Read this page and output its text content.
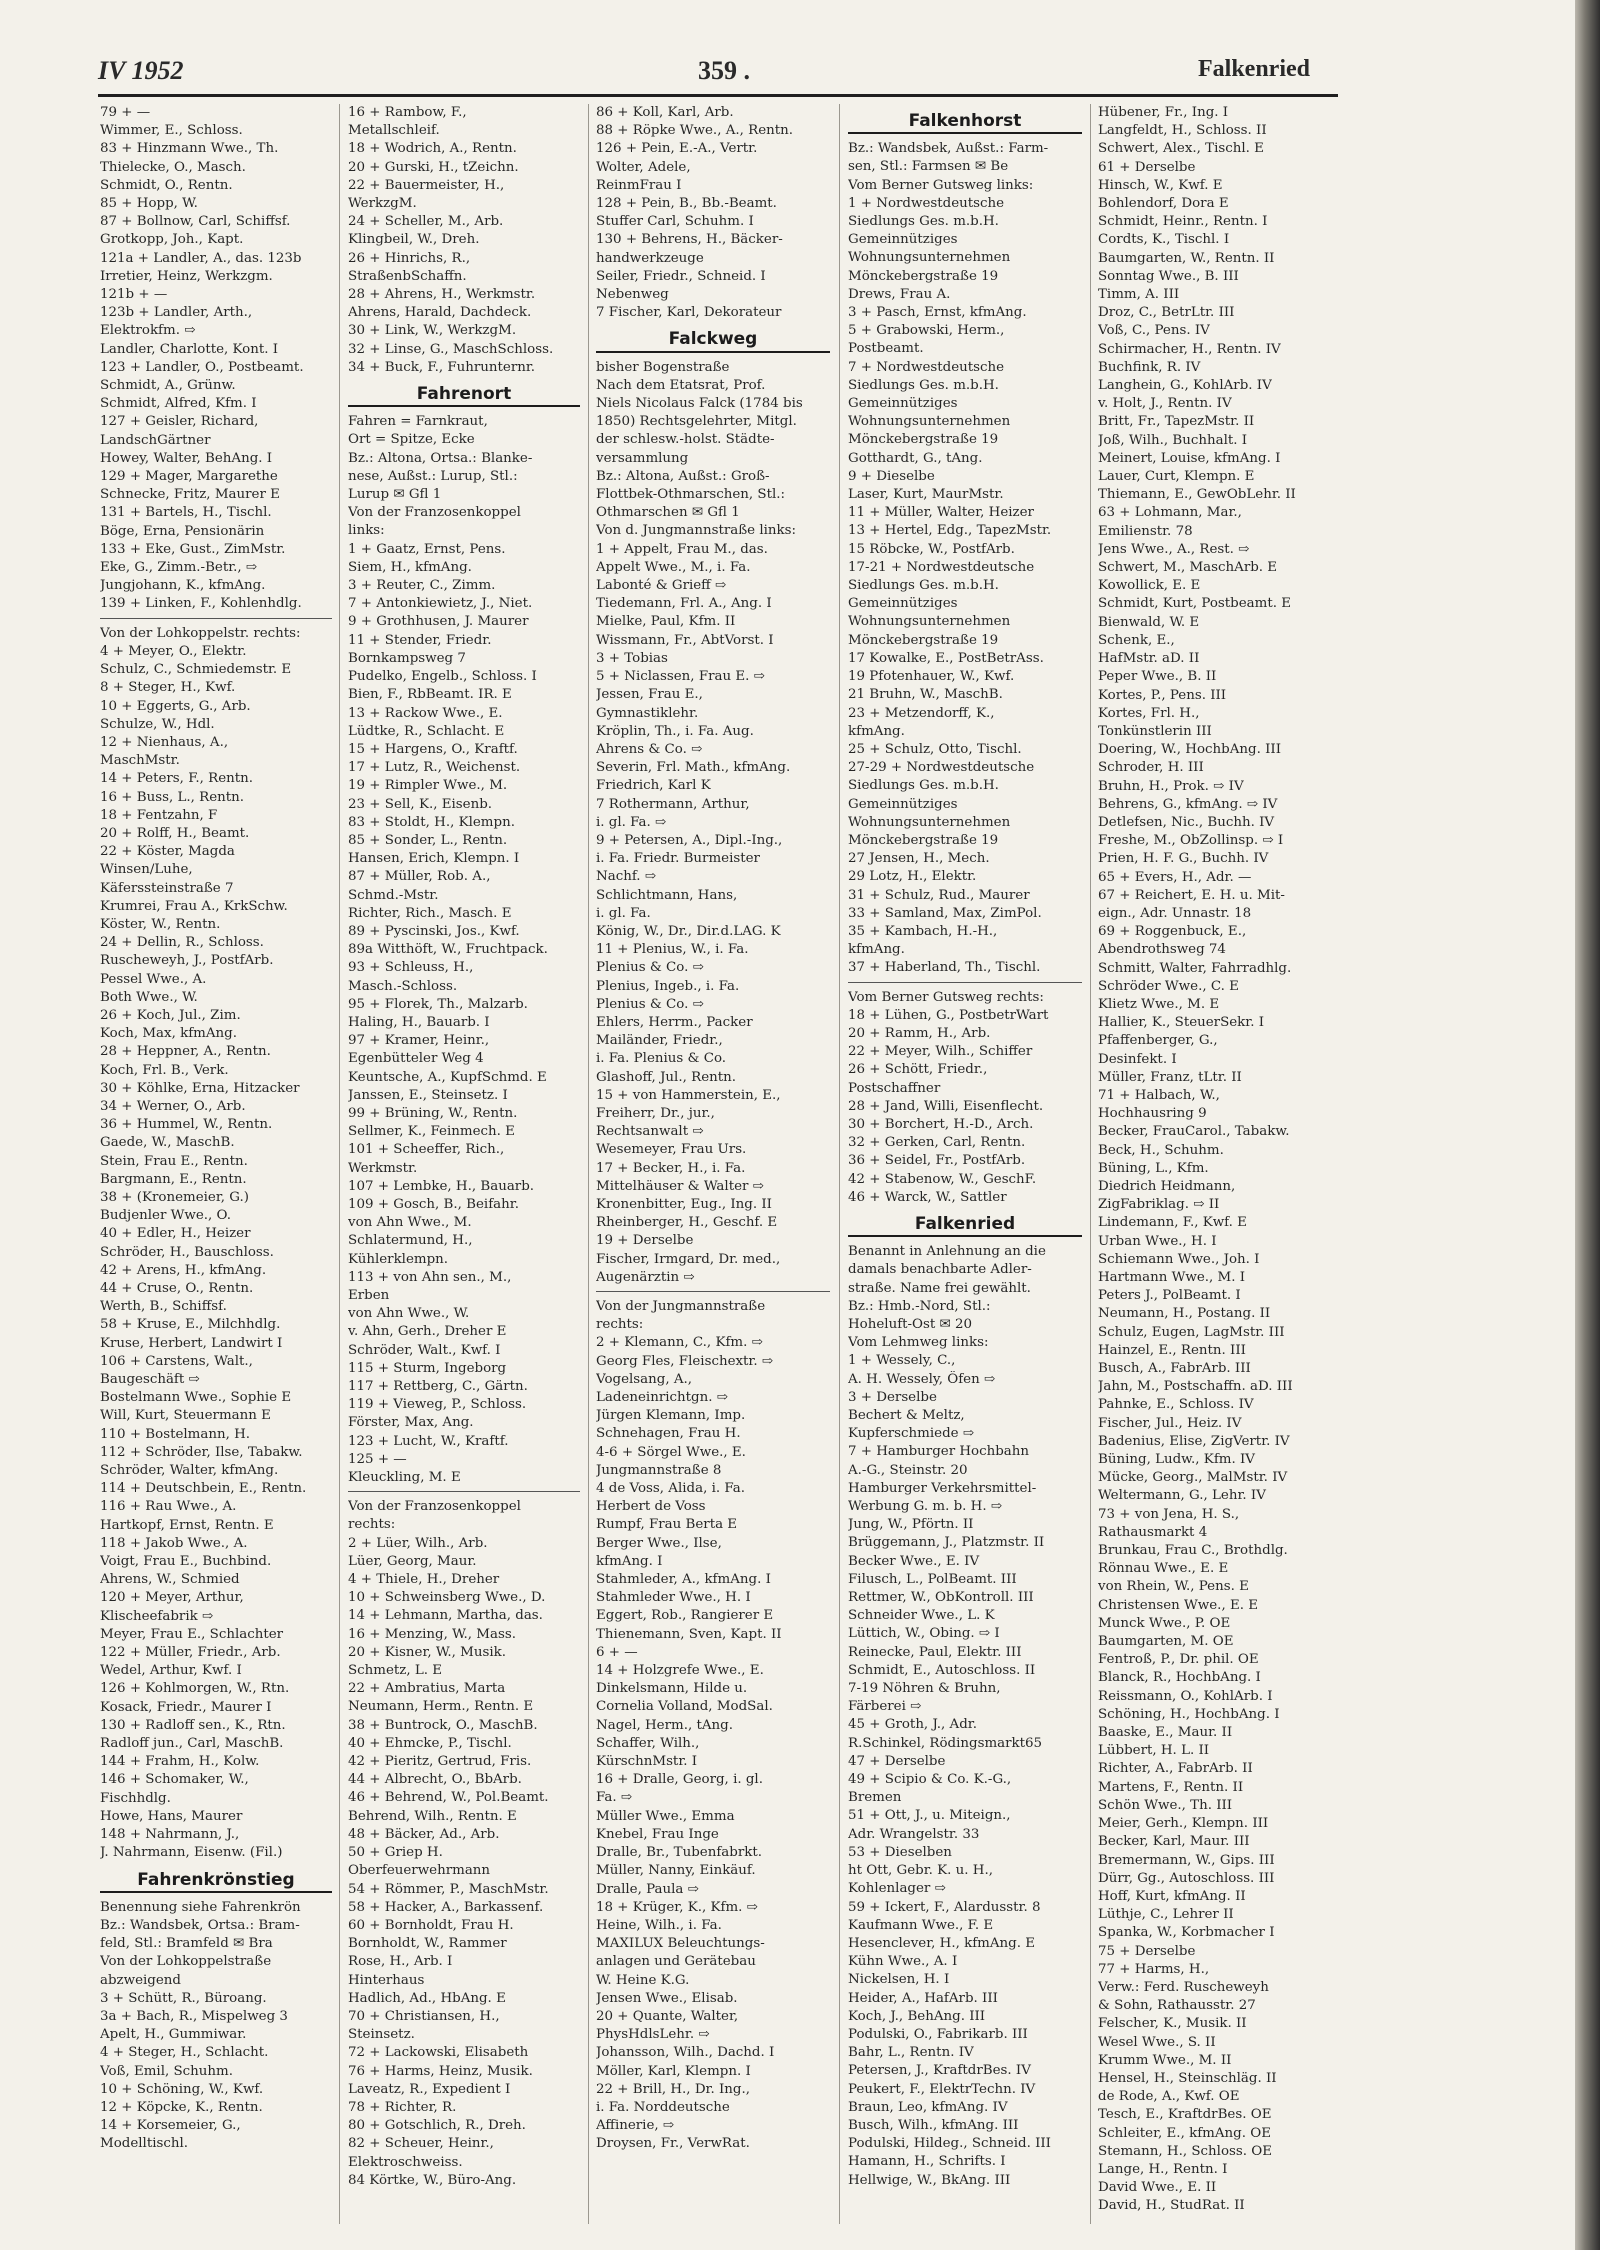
IV 1952	359 .	Falkenried
79 + —
Wimmer, E., Schloss.
83 + Hinzmann Wwe., Th.
Thielecke, O., Masch.
Schmidt, O., Rentn.
85 + Hopp, W.
87 + Bollnow, Carl, Schiffsf.
Grotkopp, Joh., Kapt.
121a + Landler, A., das. 123b
Irretier, Heinz, Werkzgm.
121b + —
123b + Landler, Arth.,
Elektrokfm. ⇨
Landler, Charlotte, Kont. I
123 + Landler, O., Postbeamt.
Schmidt, A., Grünw.
Schmidt, Alfred, Kfm. I
127 + Geisler, Richard,
LandschGärtner
Howey, Walter, BehAng. I
129 + Mager, Margarethe
Schnecke, Fritz, Maurer E
131 + Bartels, H., Tischl.
Böge, Erna, Pensionärin
133 + Eke, Gust., ZimMstr.
Eke, G., Zimm.-Betr., ⇨
Jungjohann, K., kfmAng.
139 + Linken, F., Kohlenhdlg.
Von der Lohkoppelstr. rechts:
4 + Meyer, O., Elektr.
Schulz, C., Schmiedemstr. E
8 + Steger, H., Kwf.
10 + Eggerts, G., Arb.
Schulze, W., Hdl.
12 + Nienhaus, A.,
MaschMstr.
14 + Peters, F., Rentn.
16 + Buss, L., Rentn.
18 + Fentzahn, F
20 + Rolff, H., Beamt.
22 + Köster, Magda
Winsen/Luhe,
Käferssteinstraße 7
Krumrei, Frau A., KrkSchw.
Köster, W., Rentn.
24 + Dellin, R., Schloss.
Ruscheweyh, J., PostfArb.
Pessel Wwe., A.
Both Wwe., W.
26 + Koch, Jul., Zim.
Koch, Max, kfmAng.
28 + Heppner, A., Rentn.
Koch, Frl. B., Verk.
30 + Köhlke, Erna, Hitzacker
34 + Werner, O., Arb.
36 + Hummel, W., Rentn.
Gaede, W., MaschB.
Stein, Frau E., Rentn.
Bargmann, E., Rentn.
38 + (Kronemeier, G.)
Budjenler Wwe., O.
40 + Edler, H., Heizer
Schröder, H., Bauschloss.
42 + Arens, H., kfmAng.
44 + Cruse, O., Rentn.
Werth, B., Schiffsf.
58 + Kruse, E., Milchhdlg.
Kruse, Herbert, Landwirt I
106 + Carstens, Walt.,
Baugeschäft ⇨
Bostelmann Wwe., Sophie E
Will, Kurt, Steuermann E
110 + Bostelmann, H.
112 + Schröder, Ilse, Tabakw.
Schröder, Walter, kfmAng.
114 + Deutschbein, E., Rentn.
116 + Rau Wwe., A.
Hartkopf, Ernst, Rentn. E
118 + Jakob Wwe., A.
Voigt, Frau E., Buchbind.
Ahrens, W., Schmied
120 + Meyer, Arthur,
Klischeefabrik ⇨
Meyer, Frau E., Schlachter
122 + Müller, Friedr., Arb.
Wedel, Arthur, Kwf. I
126 + Kohlmorgen, W., Rtn.
Kosack, Friedr., Maurer I
130 + Radloff sen., K., Rtn.
Radloff jun., Carl, MaschB.
144 + Frahm, H., Kolw.
146 + Schomaker, W.,
Fischhdlg.
Howe, Hans, Maurer
148 + Nahrmann, J.,
J. Nahrmann, Eisenw. (Fil.)
Fahrenkrönstieg
Benennung siehe Fahrenkrön
Bz.: Wandsbek, Ortsa.: Bram-
feld, Stl.: Bramfeld ✉ Bra
Von der Lohkoppelstraße
abzweigend
3 + Schütt, R., Büroang.
3a + Bach, R., Mispelweg 3
Apelt, H., Gummiwar.
4 + Steger, H., Schlacht.
Voß, Emil, Schuhm.
10 + Schöning, W., Kwf.
12 + Köpcke, K., Rentn.
14 + Korsemeier, G.,
Modelltischl.
16 + Rambow, F.,
Metallschleif.
18 + Wodrich, A., Rentn.
20 + Gurski, H., tZeichn.
22 + Bauermeister, H.,
WerkzgM.
24 + Scheller, M., Arb.
Klingbeil, W., Dreh.
26 + Hinrichs, R.,
StraßenbSchaffn.
28 + Ahrens, H., Werkmstr.
Ahrens, Harald, Dachdeck.
30 + Link, W., WerkzgM.
32 + Linse, G., MaschSchloss.
34 + Buck, F., Fuhrunternr.
Fahrenort
Fahren = Farnkraut,
Ort = Spitze, Ecke
Bz.: Altona, Ortsa.: Blanke-
nese, Außst.: Lurup, Stl.:
Lurup ✉ Gfl 1
Von der Franzosenkoppel
links:
1 + Gaatz, Ernst, Pens.
Siem, H., kfmAng.
3 + Reuter, C., Zimm.
7 + Antonkiewietz, J., Niet.
9 + Grothhusen, J. Maurer
11 + Stender, Friedr.
Bornkampsweg 7
Pudelko, Engelb., Schloss. I
Bien, F., RbBeamt. IR. E
13 + Rackow Wwe., E.
Lüdtke, R., Schlacht. E
15 + Hargens, O., Kraftf.
17 + Lutz, R., Weichenst.
19 + Rimpler Wwe., M.
23 + Sell, K., Eisenb.
83 + Stoldt, H., Klempn.
85 + Sonder, L., Rentn.
Hansen, Erich, Klempn. I
87 + Müller, Rob. A.,
Schmd.-Mstr.
Richter, Rich., Masch. E
89 + Pyscinski, Jos., Kwf.
89a Witthöft, W., Fruchtpack.
93 + Schleuss, H.,
Masch.-Schloss.
95 + Florek, Th., Malzarb.
Haling, H., Bauarb. I
97 + Kramer, Heinr.,
Egenbütteler Weg 4
Keuntsche, A., KupfSchmd. E
Janssen, E., Steinsetz. I
99 + Brüning, W., Rentn.
Sellmer, K., Feinmech. E
101 + Scheeffer, Rich.,
Werkmstr.
107 + Lembke, H., Bauarb.
109 + Gosch, B., Beifahr.
von Ahn Wwe., M.
Schlatermund, H.,
Kühlerklempn.
113 + von Ahn sen., M.,
Erben
von Ahn Wwe., W.
v. Ahn, Gerh., Dreher E
Schröder, Walt., Kwf. I
115 + Sturm, Ingeborg
117 + Rettberg, C., Gärtn.
119 + Vieweg, P., Schloss.
Förster, Max, Ang.
123 + Lucht, W., Kraftf.
125 + —
Kleuckling, M. E
Von der Franzosenkoppel
rechts:
2 + Lüer, Wilh., Arb.
Lüer, Georg, Maur.
4 + Thiele, H., Dreher
10 + Schweinsberg Wwe., D.
14 + Lehmann, Martha, das.
16 + Menzing, W., Mass.
20 + Kisner, W., Musik.
Schmetz, L. E
22 + Ambratius, Marta
Neumann, Herm., Rentn. E
38 + Buntrock, O., MaschB.
40 + Ehmcke, P., Tischl.
42 + Pieritz, Gertrud, Fris.
44 + Albrecht, O., BbArb.
46 + Behrend, W., Pol.Beamt.
Behrend, Wilh., Rentn. E
48 + Bäcker, Ad., Arb.
50 + Griep H.
Oberfeuerwehrmann
54 + Römmer, P., MaschMstr.
58 + Hacker, A., Barkassenf.
60 + Bornholdt, Frau H.
Bornholdt, W., Rammer
Rose, H., Arb. I
Hinterhaus
Hadlich, Ad., HbAng. E
70 + Christiansen, H.,
Steinsetz.
72 + Lackowski, Elisabeth
76 + Harms, Heinz, Musik.
Laveatz, R., Expedient I
78 + Richter, R.
80 + Gotschlich, R., Dreh.
82 + Scheuer, Heinr.,
Elektroschweiss.
84 Körtke, W., Büro-Ang.
86 + Koll, Karl, Arb.
88 + Röpke Wwe., A., Rentn.
126 + Pein, E.-A., Vertr.
Wolter, Adele,
ReinmFrau I
128 + Pein, B., Bb.-Beamt.
Stuffer Carl, Schuhm. I
130 + Behrens, H., Bäcker-
handwerkzeuge
Seiler, Friedr., Schneid. I
Nebenweg
7 Fischer, Karl, Dekorateur
Falckweg
bisher Bogenstraße
Nach dem Etatsrat, Prof.
Niels Nicolaus Falck (1784 bis
1850) Rechtsgelehrter, Mitgl.
der schlesw.-holst. Städte-
versammlung
Bz.: Altona, Außst.: Groß-
Flottbek-Othmarschen, Stl.:
Othmarschen ✉ Gfl 1
Von d. Jungmannstraße links:
1 + Appelt, Frau M., das.
Appelt Wwe., M., i. Fa.
Labonté & Grieff ⇨
Tiedemann, Frl. A., Ang. I
Mielke, Paul, Kfm. II
Wissmann, Fr., AbtVorst. I
3 + Tobias
5 + Niclassen, Frau E. ⇨
Jessen, Frau E.,
Gymnastiklehr.
Kröplin, Th., i. Fa. Aug.
Ahrens & Co. ⇨
Severin, Frl. Math., kfmAng.
Friedrich, Karl K
7 Rothermann, Arthur,
i. gl. Fa. ⇨
9 + Petersen, A., Dipl.-Ing.,
i. Fa. Friedr. Burmeister
Nachf. ⇨
Schlichtmann, Hans,
i. gl. Fa.
König, W., Dr., Dir.d.LAG. K
11 + Plenius, W., i. Fa.
Plenius & Co. ⇨
Plenius, Ingeb., i. Fa.
Plenius & Co. ⇨
Ehlers, Herrm., Packer
Mailänder, Friedr.,
i. Fa. Plenius & Co.
Glashoff, Jul., Rentn.
15 + von Hammerstein, E.,
Freiherr, Dr., jur.,
Rechtsanwalt ⇨
Wesemeyer, Frau Urs.
17 + Becker, H., i. Fa.
Mittelhäuser & Walter ⇨
Kronenbitter, Eug., Ing. II
Rheinberger, H., Geschf. E
19 + Derselbe
Fischer, Irmgard, Dr. med.,
Augenärztin ⇨
Von der Jungmannstraße
rechts:
2 + Klemann, C., Kfm. ⇨
Georg Fles, Fleischextr. ⇨
Vogelsang, A.,
Ladeneinrichtgn. ⇨
Jürgen Klemann, Imp.
Schnehagen, Frau H.
4-6 + Sörgel Wwe., E.
Jungmannstraße 8
4 de Voss, Alida, i. Fa.
Herbert de Voss
Rumpf, Frau Berta E
Berger Wwe., Ilse,
kfmAng. I
Stahmleder, A., kfmAng. I
Stahmleder Wwe., H. I
Eggert, Rob., Rangierer E
Thienemann, Sven, Kapt. II
6 + —
14 + Holzgrefe Wwe., E.
Dinkelsmann, Hilde u.
Cornelia Volland, ModSal.
Nagel, Herm., tAng.
Schaffer, Wilh.,
KürschnMstr. I
16 + Dralle, Georg, i. gl.
Fa. ⇨
Müller Wwe., Emma
Knebel, Frau Inge
Dralle, Br., Tubenfabrkt.
Müller, Nanny, Einkäuf.
Dralle, Paula ⇨
18 + Krüger, K., Kfm. ⇨
Heine, Wilh., i. Fa.
MAXILUX Beleuchtungs-
anlagen und Gerätebau
W. Heine K.G.
Jensen Wwe., Elisab.
20 + Quante, Walter,
PhysHdlsLehr. ⇨
Johansson, Wilh., Dachd. I
Möller, Karl, Klempn. I
22 + Brill, H., Dr. Ing.,
i. Fa. Norddeutsche
Affinerie, ⇨
Droysen, Fr., VerwRat.
Falkenhorst
Bz.: Wandsbek, Außst.: Farm-
sen, Stl.: Farmsen ✉ Be
Vom Berner Gutsweg links:
1 + Nordwestdeutsche
Siedlungs Ges. m.b.H.
Gemeinnütziges
Wohnungsunternehmen
Mönckebergstraße 19
Drews, Frau A.
3 + Pasch, Ernst, kfmAng.
5 + Grabowski, Herm.,
Postbeamt.
7 + Nordwestdeutsche
Siedlungs Ges. m.b.H.
Gemeinnütziges
Wohnungsunternehmen
Mönckebergstraße 19
Gotthardt, G., tAng.
9 + Dieselbe
Laser, Kurt, MaurMstr.
11 + Müller, Walter, Heizer
13 + Hertel, Edg., TapezMstr.
15 Röbcke, W., PostfArb.
17-21 + Nordwestdeutsche
Siedlungs Ges. m.b.H.
Gemeinnütziges
Wohnungsunternehmen
Mönckebergstraße 19
17 Kowalke, E., PostBetrAss.
19 Pfotenhauer, W., Kwf.
21 Bruhn, W., MaschB.
23 + Metzendorff, K.,
kfmAng.
25 + Schulz, Otto, Tischl.
27-29 + Nordwestdeutsche
Siedlungs Ges. m.b.H.
Gemeinnütziges
Wohnungsunternehmen
Mönckebergstraße 19
27 Jensen, H., Mech.
29 Lotz, H., Elektr.
31 + Schulz, Rud., Maurer
33 + Samland, Max, ZimPol.
35 + Kambach, H.-H.,
kfmAng.
37 + Haberland, Th., Tischl.
Vom Berner Gutsweg rechts:
18 + Lühen, G., PostbetrWart
20 + Ramm, H., Arb.
22 + Meyer, Wilh., Schiffer
26 + Schött, Friedr.,
Postschaffner
28 + Jand, Willi, Eisenflecht.
30 + Borchert, H.-D., Arch.
32 + Gerken, Carl, Rentn.
36 + Seidel, Fr., PostfArb.
42 + Stabenow, W., GeschF.
46 + Warck, W., Sattler
Falkenried
Benannt in Anlehnung an die
damals benachbarte Adler-
straße. Name frei gewählt.
Bz.: Hmb.-Nord, Stl.:
Hoheluft-Ost ✉ 20
Vom Lehmweg links:
1 + Wessely, C.,
A. H. Wessely, Öfen ⇨
3 + Derselbe
Bechert & Meltz,
Kupferschmiede ⇨
7 + Hamburger Hochbahn
A.-G., Steinstr. 20
Hamburger Verkehrsmittel-
Werbung G. m. b. H. ⇨
Jung, W., Pförtn. II
Brüggemann, J., Platzmstr. II
Becker Wwe., E. IV
Filusch, L., PolBeamt. III
Rettmer, W., ObKontroll. III
Schneider Wwe., L. K
Lüttich, W., Obing. ⇨ I
Reinecke, Paul, Elektr. III
Schmidt, E., Autoschloss. II
7-19 Nöhren & Bruhn,
Färberei ⇨
45 + Groth, J., Adr.
R.Schinkel, Rödingsmarkt65
47 + Derselbe
49 + Scipio & Co. K.-G.,
Bremen
51 + Ott, J., u. Miteign.,
Adr. Wrangelstr. 33
53 + Dieselben
ht Ott, Gebr. K. u. H.,
Kohlenlager ⇨
59 + Ickert, F., Alardusstr. 8
Kaufmann Wwe., F. E
Hesenclever, H., kfmAng. E
Kühn Wwe., A. I
Nickelsen, H. I
Heider, A., HafArb. III
Koch, J., BehAng. III
Podulski, O., Fabrikarb. III
Bahr, L., Rentn. IV
Petersen, J., KraftdrBes. IV
Peukert, F., ElektrTechn. IV
Braun, Leo, kfmAng. IV
Busch, Wilh., kfmAng. III
Podulski, Hildeg., Schneid. III
Hamann, H., Schrifts. I
Hellwige, W., BkAng. III
Hübener, Fr., Ing. I
Langfeldt, H., Schloss. II
Schwert, Alex., Tischl. E
61 + Derselbe
Hinsch, W., Kwf. E
Bohlendorf, Dora E
Schmidt, Heinr., Rentn. I
Cordts, K., Tischl. I
Baumgarten, W., Rentn. II
Sonntag Wwe., B. III
Timm, A. III
Droz, C., BetrLtr. III
Voß, C., Pens. IV
Schirmacher, H., Rentn. IV
Buchfink, R. IV
Langhein, G., KohlArb. IV
v. Holt, J., Rentn. IV
Britt, Fr., TapezMstr. II
Joß, Wilh., Buchhalt. I
Meinert, Louise, kfmAng. I
Lauer, Curt, Klempn. E
Thiemann, E., GewObLehr. II
63 + Lohmann, Mar.,
Emilienstr. 78
Jens Wwe., A., Rest. ⇨
Schwert, M., MaschArb. E
Kowollick, E. E
Schmidt, Kurt, Postbeamt. E
Bienwald, W. E
Schenk, E.,
HafMstr. aD. II
Peper Wwe., B. II
Kortes, P., Pens. III
Kortes, Frl. H.,
Tonkünstlerin III
Doering, W., HochbAng. III
Schroder, H. III
Bruhn, H., Prok. ⇨ IV
Behrens, G., kfmAng. ⇨ IV
Detlefsen, Nic., Buchh. IV
Freshe, M., ObZollinsp. ⇨ I
Prien, H. F. G., Buchh. IV
65 + Evers, H., Adr. —
67 + Reichert, E. H. u. Mit-
eign., Adr. Unnastr. 18
69 + Roggenbuck, E.,
Abendrothsweg 74
Schmitt, Walter, Fahrradhlg.
Schröder Wwe., C. E
Klietz Wwe., M. E
Hallier, K., SteuerSekr. I
Pfaffenberger, G.,
Desinfekt. I
Müller, Franz, tLtr. II
71 + Halbach, W.,
Hochhausring 9
Becker, FrauCarol., Tabakw.
Beck, H., Schuhm.
Büning, L., Kfm.
Diedrich Heidmann,
ZigFabriklag. ⇨ II
Lindemann, F., Kwf. E
Urban Wwe., H. I
Schiemann Wwe., Joh. I
Hartmann Wwe., M. I
Peters J., PolBeamt. I
Neumann, H., Postang. II
Schulz, Eugen, LagMstr. III
Hainzel, E., Rentn. III
Busch, A., FabrArb. III
Jahn, M., Postschaffn. aD. III
Pahnke, E., Schloss. IV
Fischer, Jul., Heiz. IV
Badenius, Elise, ZigVertr. IV
Büning, Ludw., Kfm. IV
Mücke, Georg., MalMstr. IV
Weltermann, G., Lehr. IV
73 + von Jena, H. S.,
Rathausmarkt 4
Brunkau, Frau C., Brothdlg.
Rönnau Wwe., E. E
von Rhein, W., Pens. E
Christensen Wwe., E. E
Munck Wwe., P. OE
Baumgarten, M. OE
Fentroß, P., Dr. phil. OE
Blanck, R., HochbAng. I
Reissmann, O., KohlArb. I
Schöning, H., HochbAng. I
Baaske, E., Maur. II
Lübbert, H. L. II
Richter, A., FabrArb. II
Martens, F., Rentn. II
Schön Wwe., Th. III
Meier, Gerh., Klempn. III
Becker, Karl, Maur. III
Bremermann, W., Gips. III
Dürr, Gg., Autoschloss. III
Hoff, Kurt, kfmAng. II
Lüthje, C., Lehrer II
Spanka, W., Korbmacher I
75 + Derselbe
77 + Harms, H.,
Verw.: Ferd. Ruscheweyh
& Sohn, Rathausstr. 27
Felscher, K., Musik. II
Wesel Wwe., S. II
Krumm Wwe., M. II
Hensel, H., Steinschläg. II
de Rode, A., Kwf. OE
Tesch, E., KraftdrBes. OE
Schleiter, E., kfmAng. OE
Stemann, H., Schloss. OE
Lange, H., Rentn. I
David Wwe., E. II
David, H., StudRat. II
